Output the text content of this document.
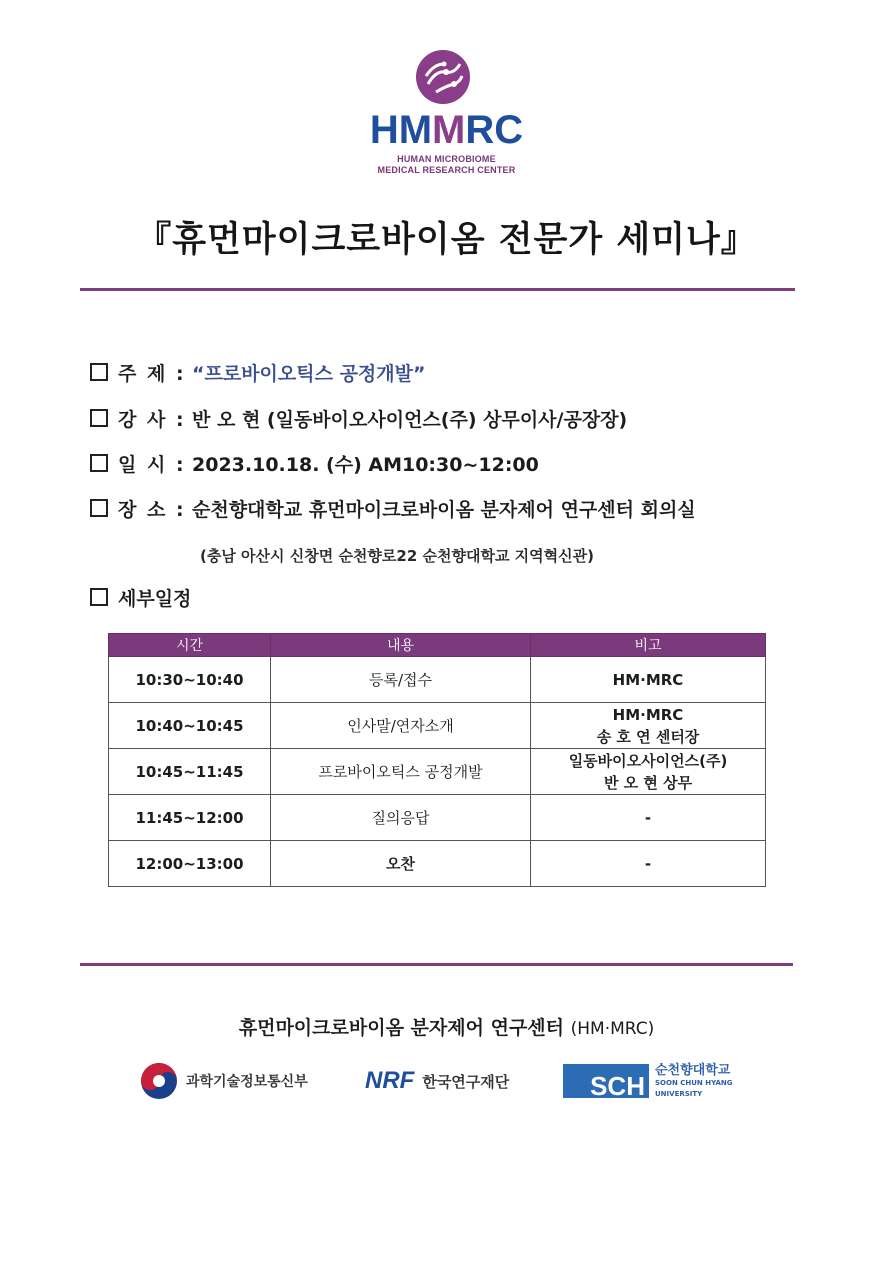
HMMRC
HUMAN MICROBIOME
MEDICAL RESEARCH CENTER
『휴먼마이크로바이옴 전문가 세미나』
주 제 : “프로바이오틱스 공정개발”
강 사 : 반 오 현 (일동바이오사이언스(주) 상무이사/공장장)
일 시 : 2023.10.18. (수) AM10:30~12:00
장 소 : 순천향대학교 휴먼마이크로바이옴 분자제어 연구센터 회의실
(충남 아산시 신창면 순천향로22 순천향대학교 지역혁신관)
세부일정
시간	내용	비고
10:30~10:40	등록/접수	HM·MRC

10:40~10:45	인사말/연자소개	HM·MRC
송 호 연 센터장

10:45~11:45	프로바이오틱스 공정개발	일동바이오사이언스(주)
반 오 현 상무

11:45~12:00	질의응답	-

12:00~13:00	오찬	-
휴먼마이크로바이옴 분자제어 연구센터 (HM·MRC)
과학기술정보통신부 NRF 한국연구재단	SCH
순천향대학교
SOON CHUN HYANG
UNIVERSITY
